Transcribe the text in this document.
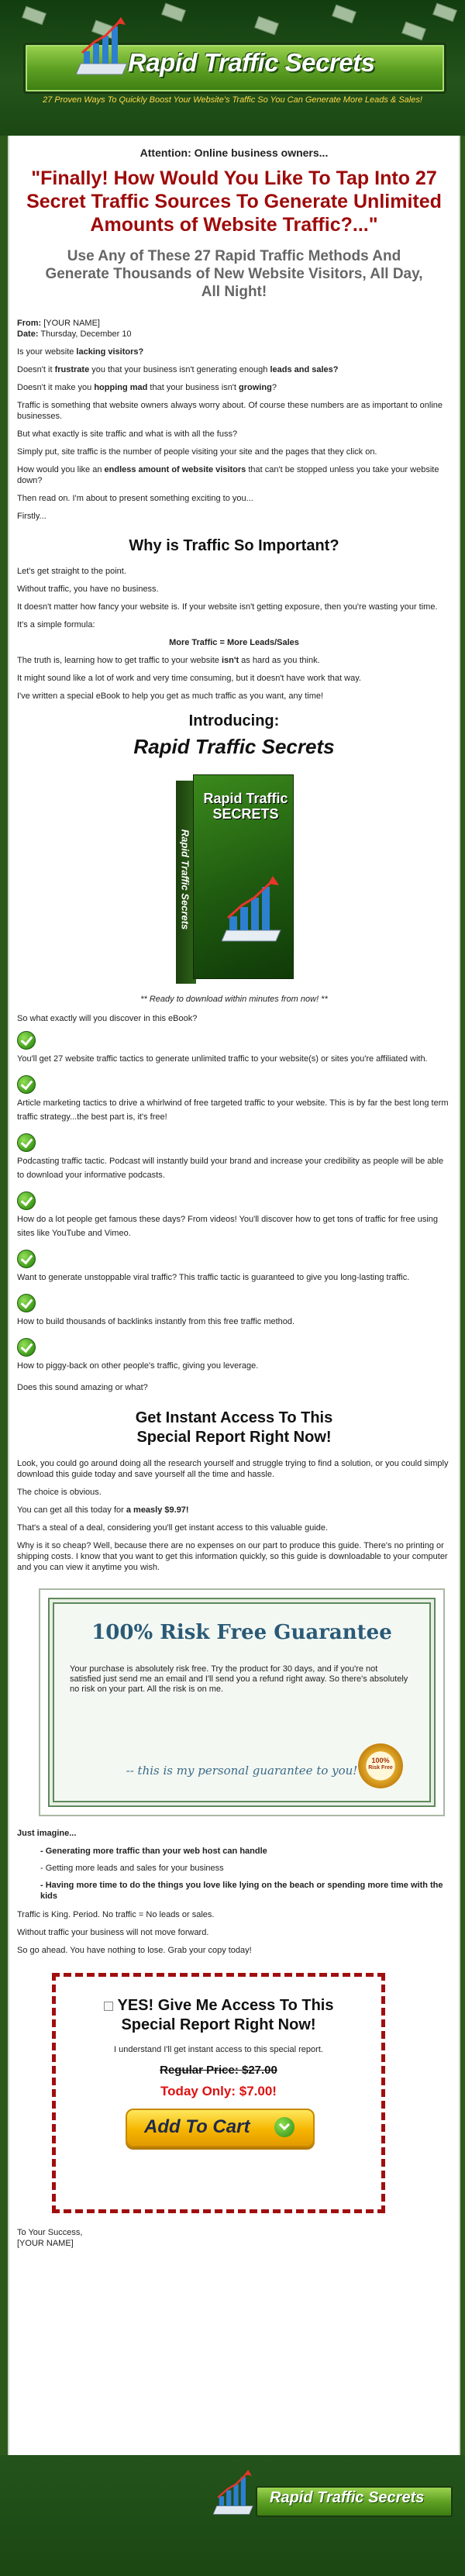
Rapid Traffic Secrets
27 Proven Ways To Quickly Boost Your Website's Traffic So You Can Generate More Leads & Sales!
Attention: Online business owners...
"Finally! How Would You Like To Tap Into 27 Secret Traffic Sources To Generate Unlimited Amounts of Website Traffic?..."
Use Any of These 27 Rapid Traffic Methods And Generate Thousands of New Website Visitors, All Day, All Night!

From: [YOUR NAME]
Date: Thursday, December 10

Is your website lacking visitors?

Doesn't it frustrate you that your business isn't generating enough leads and sales?

Doesn't it make you hopping mad that your business isn't growing?

Traffic is something that website owners always worry about. Of course these numbers are as important to online businesses.

But what exactly is site traffic and what is with all the fuss?

Simply put, site traffic is the number of people visiting your site and the pages that they click on.

How would you like an endless amount of website visitors that can't be stopped unless you take your website down?

Then read on. I'm about to present something exciting to you...

Firstly...

Why is Traffic So Important?

Let's get straight to the point.

Without traffic, you have no business.

It doesn't matter how fancy your website is. If your website isn't getting exposure, then you're wasting your time.

It's a simple formula:

More Traffic = More Leads/Sales

The truth is, learning how to get traffic to your website isn't as hard as you think.

It might sound like a lot of work and very time consuming, but it doesn't have work that way.

I've written a special eBook to help you get as much traffic as you want, any time!

Introducing:
Rapid Traffic Secrets
Rapid Traffic Secrets
Rapid Traffic SECRETS
** Ready to download within minutes from now! **

So what exactly will you discover in this eBook?

You'll get 27 website traffic tactics to generate unlimited traffic to your website(s) or sites you're affiliated with.
Article marketing tactics to drive a whirlwind of free targeted traffic to your website. This is by far the best long term traffic strategy...the best part is, it's free!
Podcasting traffic tactic. Podcast will instantly build your brand and increase your credibility as people will be able to download your informative podcasts.
How do a lot people get famous these days? From videos! You'll discover how to get tons of traffic for free using sites like YouTube and Vimeo.
Want to generate unstoppable viral traffic? This traffic tactic is guaranteed to give you long-lasting traffic.
How to build thousands of backlinks instantly from this free traffic method.
How to piggy-back on other people's traffic, giving you leverage.

Does this sound amazing or what?

Get Instant Access To This
Special Report Right Now!

Look, you could go around doing all the research yourself and struggle trying to find a solution, or you could simply download this guide today and save yourself all the time and hassle.

The choice is obvious.

You can get all this today for a measly $9.97!

That's a steal of a deal, considering you'll get instant access to this valuable guide.

Why is it so cheap? Well, because there are no expenses on our part to produce this guide. There's no printing or shipping costs. I know that you want to get this information quickly, so this guide is downloadable to your computer and you can view it anytime you wish.

100% Risk Free Guarantee
Your purchase is absolutely risk free. Try the product for 30 days, and if you're not satisfied just send me an email and I'll send you a refund right away. So there's absolutely no risk on your part. All the risk is on me.
-- this is my personal guarantee to you!
100%
Risk Free
Just imagine...

- Generating more traffic than your web host can handle

- Getting more leads and sales for your business

- Having more time to do the things you love like lying on the beach or spending more time with the kids

Traffic is King. Period. No traffic = No leads or sales.

Without traffic your business will not move forward.

So go ahead. You have nothing to lose. Grab your copy today!

YES! Give Me Access To This
Special Report Right Now!
I understand I'll get instant access to this special report.
Regular Price: $27.00
Today Only: $7.00!
Add To Cart
To Your Success,
[YOUR NAME]
Rapid Traffic Secrets
